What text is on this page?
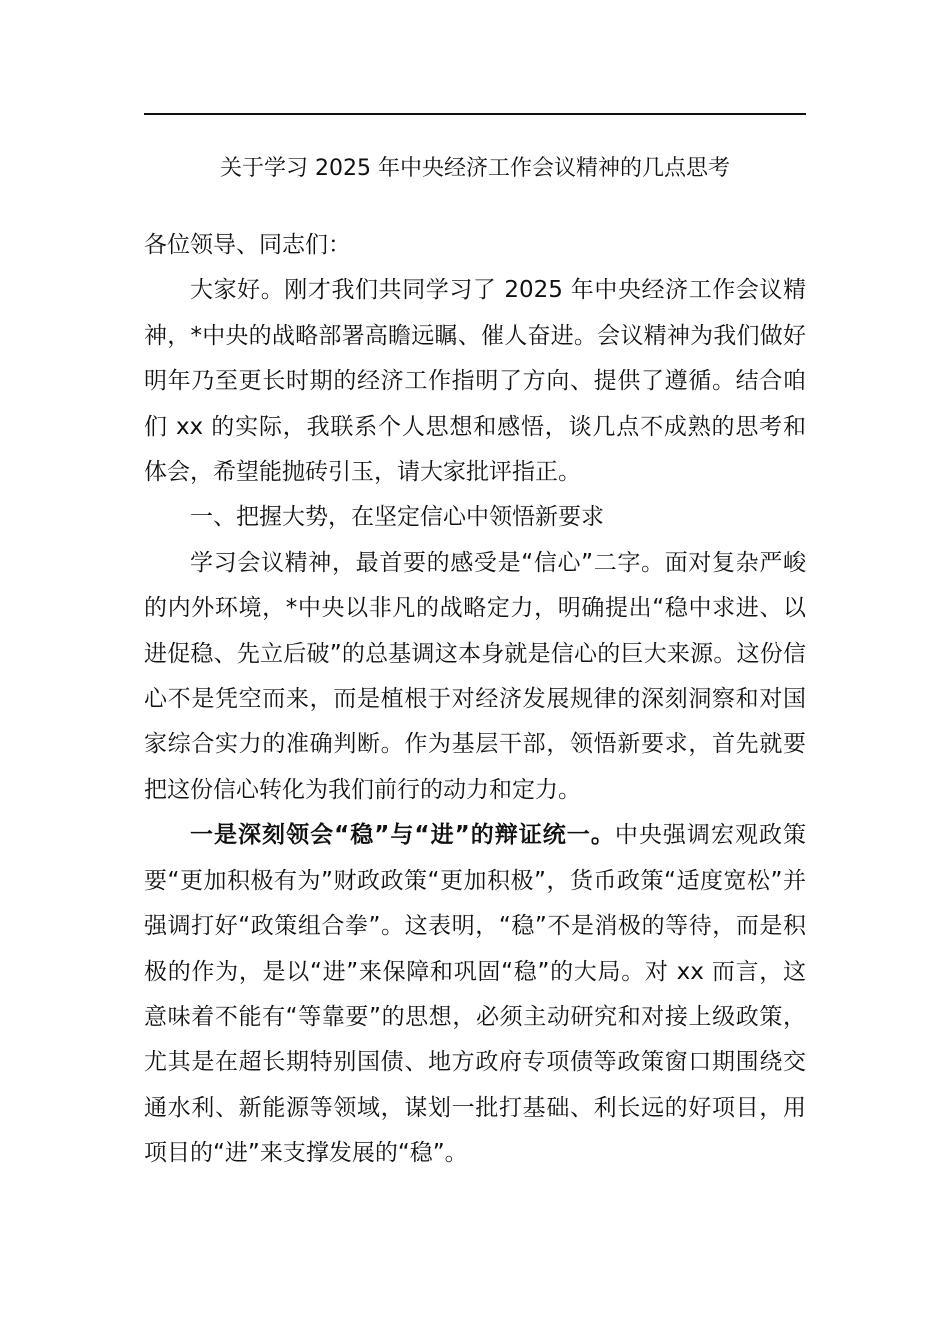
关于学习 2025 年中央经济工作会议精神的几点思考

各位领导、同志们：

大家好。刚才我们共同学习了 2025 年中央经济工作会议精神，*中央的战略部署高瞻远瞩、催人奋进。会议精神为我们做好明年乃至更长时期的经济工作指明了方向、提供了遵循。结合咱们 xx 的实际，我联系个人思想和感悟，谈几点不成熟的思考和体会，希望能抛砖引玉，请大家批评指正。

一、把握大势，在坚定信心中领悟新要求

学习会议精神，最首要的感受是“信心”二字。面对复杂严峻的内外环境，*中央以非凡的战略定力，明确提出“稳中求进、以进促稳、先立后破”的总基调这本身就是信心的巨大来源。这份信心不是凭空而来，而是植根于对经济发展规律的深刻洞察和对国家综合实力的准确判断。作为基层干部，领悟新要求，首先就要把这份信心转化为我们前行的动力和定力。

一是深刻领会“稳”与“进”的辩证统一。中央强调宏观政策要“更加积极有为”财政政策“更加积极”，货币政策“适度宽松”并强调打好“政策组合拳”。这表明，“稳”不是消极的等待，而是积极的作为，是以“进”来保障和巩固“稳”的大局。对 xx 而言，这意味着不能有“等靠要”的思想，必须主动研究和对接上级政策，尤其是在超长期特别国债、地方政府专项债等政策窗口期围绕交通水利、新能源等领域，谋划一批打基础、利长远的好项目，用项目的“进”来支撑发展的“稳”。
